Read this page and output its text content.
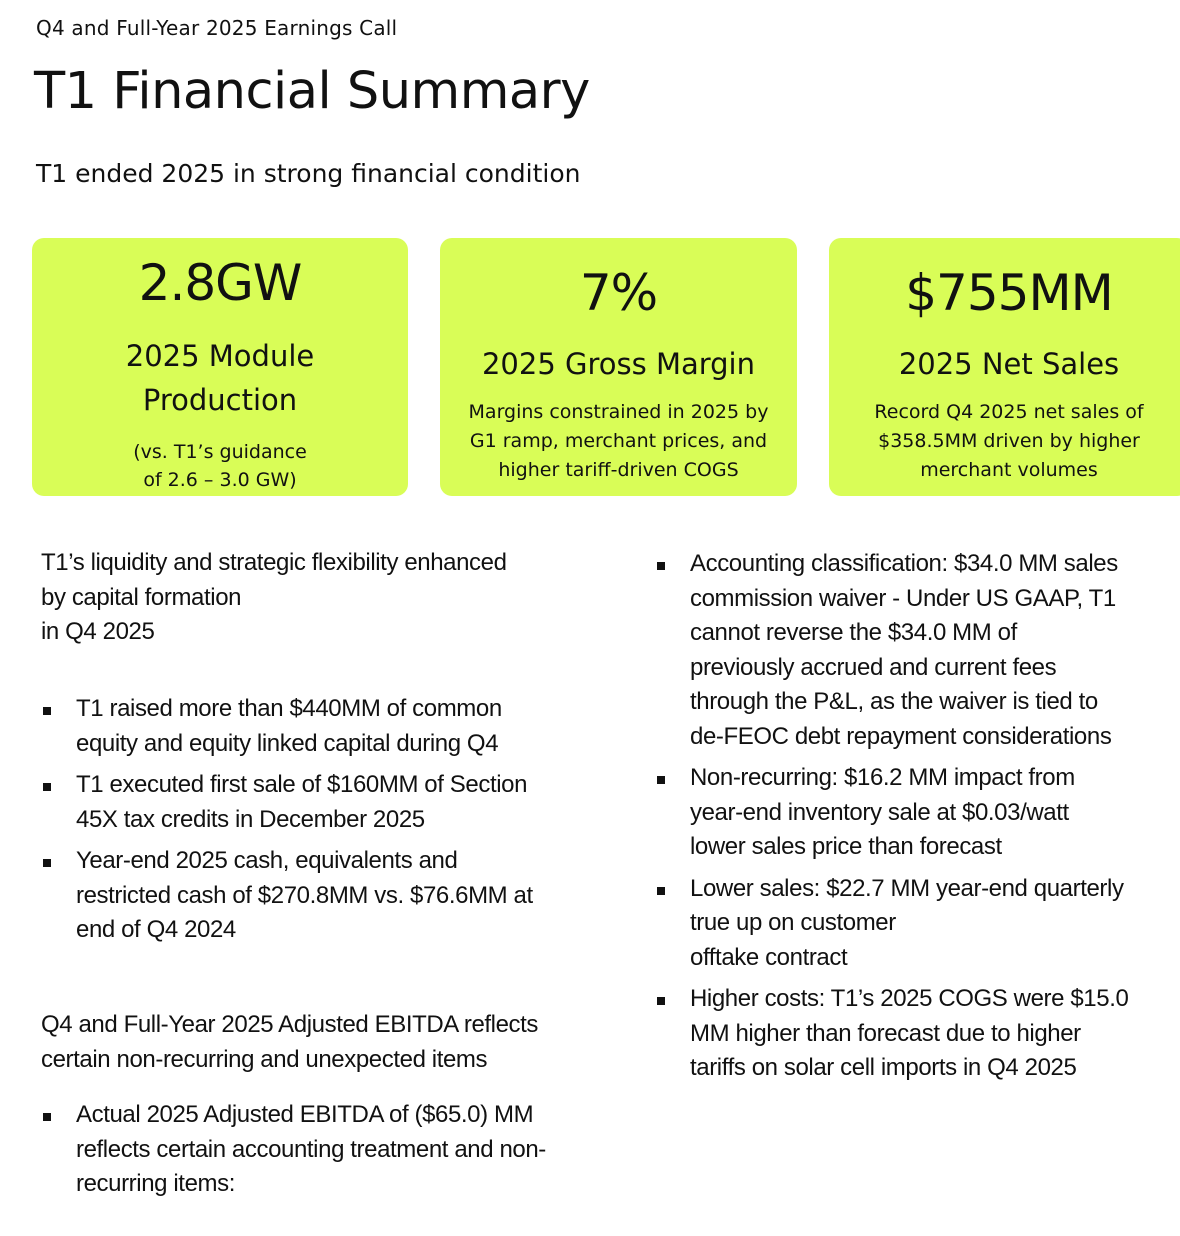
Q4 and Full-Year 2025 Earnings Call
T1 Financial Summary
T1 ended 2025 in strong financial condition
2.8GW
2025 Module
Production
(vs. T1’s guidance
of 2.6 – 3.0 GW)
7%
2025 Gross Margin
Margins constrained in 2025 by
G1 ramp, merchant prices, and
higher tariff-driven COGS
$755MM
2025 Net Sales
Record Q4 2025 net sales of
$358.5MM driven by higher
merchant volumes
T1’s liquidity and strategic flexibility enhanced
by capital formation
in Q4 2025
T1 raised more than $440MM of common
equity and equity linked capital during Q4
T1 executed first sale of $160MM of Section
45X tax credits in December 2025
Year-end 2025 cash, equivalents and
restricted cash of $270.8MM vs. $76.6MM at
end of Q4 2024
Q4 and Full-Year 2025 Adjusted EBITDA reflects
certain non-recurring and unexpected items
Actual 2025 Adjusted EBITDA of ($65.0) MM
reflects certain accounting treatment and non-
recurring items:
Accounting classification: $34.0 MM sales
commission waiver - Under US GAAP, T1
cannot reverse the $34.0 MM of
previously accrued and current fees
through the P&L, as the waiver is tied to
de-FEOC debt repayment considerations
Non-recurring: $16.2 MM impact from
year-end inventory sale at $0.03/watt
lower sales price than forecast
Lower sales: $22.7 MM year-end quarterly
true up on customer
offtake contract
Higher costs: T1’s 2025 COGS were $15.0
MM higher than forecast due to higher
tariffs on solar cell imports in Q4 2025
